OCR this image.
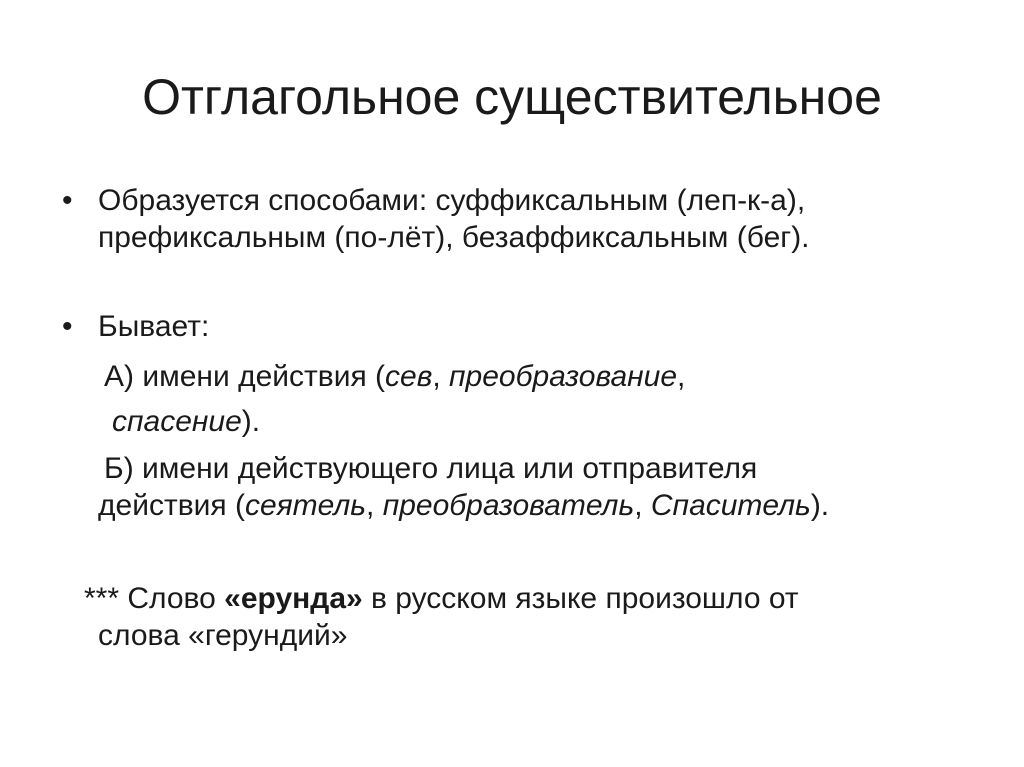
Отглагольное существительное
• Образуется способами: суффиксальным (леп-к-а),
префиксальным (по-лёт), безаффиксальным (бег).
• Бывает:
А) имени действия (сев, преобразование,
спасение).
Б) имени действующего лица или отправителя
действия (сеятель, преобразователь, Спаситель).
*** Слово «ерунда» в русском языке произошло от
слова «герундий»
